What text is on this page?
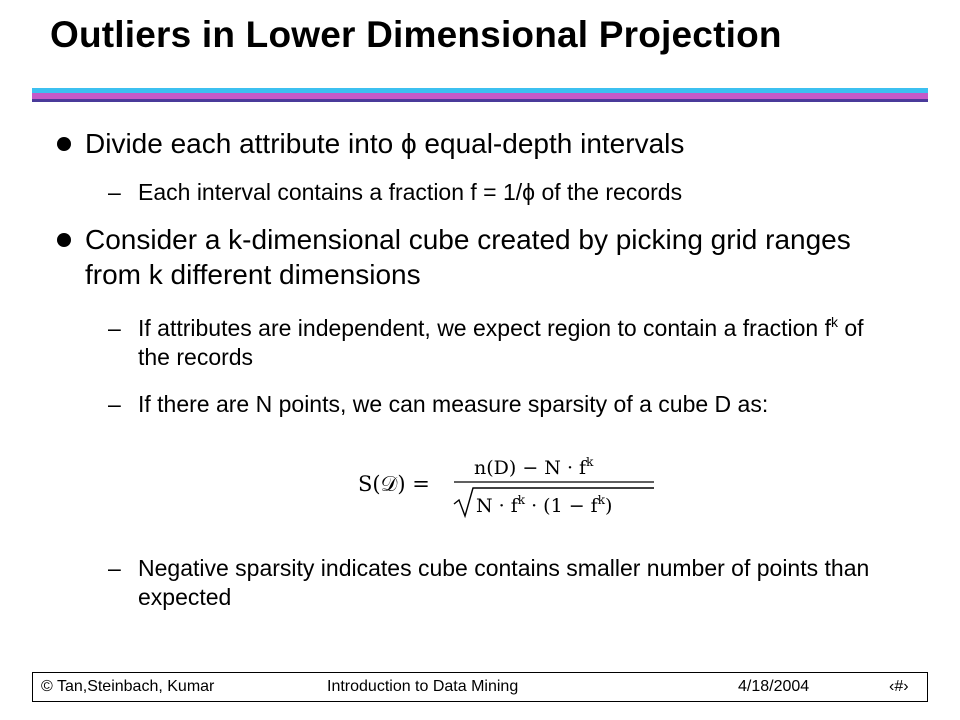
Outliers in Lower Dimensional Projection
Divide each attribute into ϕ equal-depth intervals
– Each interval contains a fraction f = 1/ϕ of the records
Consider a k-dimensional cube created by picking grid ranges from k different dimensions
– If attributes are independent, we expect region to contain a fraction $f^k$ of the records
– If there are N points, we can measure sparsity of a cube D as:
S(𝒟) =
$n(D) - N \cdot f^k$
$N \cdot f^k \cdot (1 - f^k)$
– Negative sparsity indicates cube contains smaller number of points than expected
© Tan,Steinbach, Kumar	Introduction to Data Mining	4/18/2004	‹#›
